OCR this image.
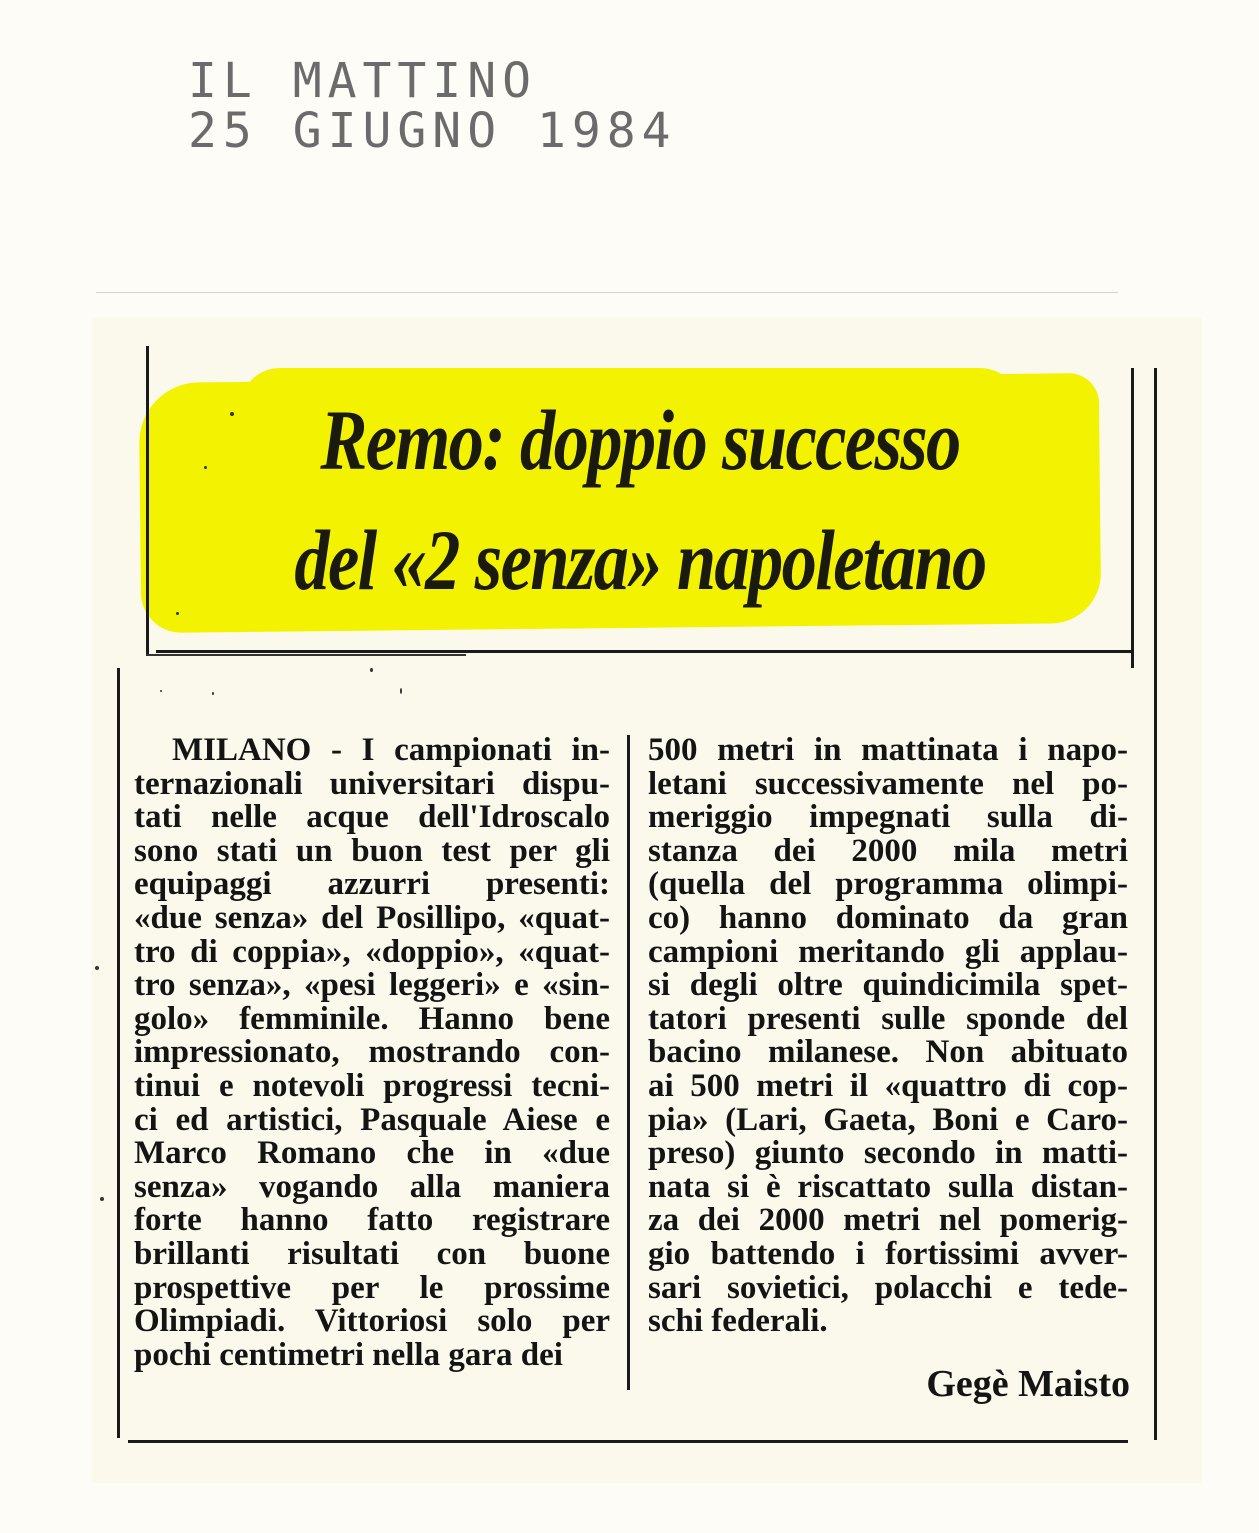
IL MATTINO
25 GIUGNO 1984
Remo: doppio successo
del «2 senza» napoletano
MILANO - I campionati in-
ternazionali universitari dispu-
tati nelle acque dell'Idroscalo
sono stati un buon test per gli
equipaggi azzurri presenti:
«due senza» del Posillipo, «quat-
tro di coppia», «doppio», «quat-
tro senza», «pesi leggeri» e «sin-
golo» femminile. Hanno bene
impressionato, mostrando con-
tinui e notevoli progressi tecni-
ci ed artistici, Pasquale Aiese e
Marco Romano che in «due
senza» vogando alla maniera
forte hanno fatto registrare
brillanti risultati con buone
prospettive per le prossime
Olimpiadi. Vittoriosi solo per
pochi centimetri nella gara dei
500 metri in mattinata i napo-
letani successivamente nel po-
meriggio impegnati sulla di-
stanza dei 2000 mila metri
(quella del programma olimpi-
co) hanno dominato da gran
campioni meritando gli applau-
si degli oltre quindicimila spet-
tatori presenti sulle sponde del
bacino milanese. Non abituato
ai 500 metri il «quattro di cop-
pia» (Lari, Gaeta, Boni e Caro-
preso) giunto secondo in matti-
nata si è riscattato sulla distan-
za dei 2000 metri nel pomerig-
gio battendo i fortissimi avver-
sari sovietici, polacchi e tede-
schi federali.
Gegè Maisto
